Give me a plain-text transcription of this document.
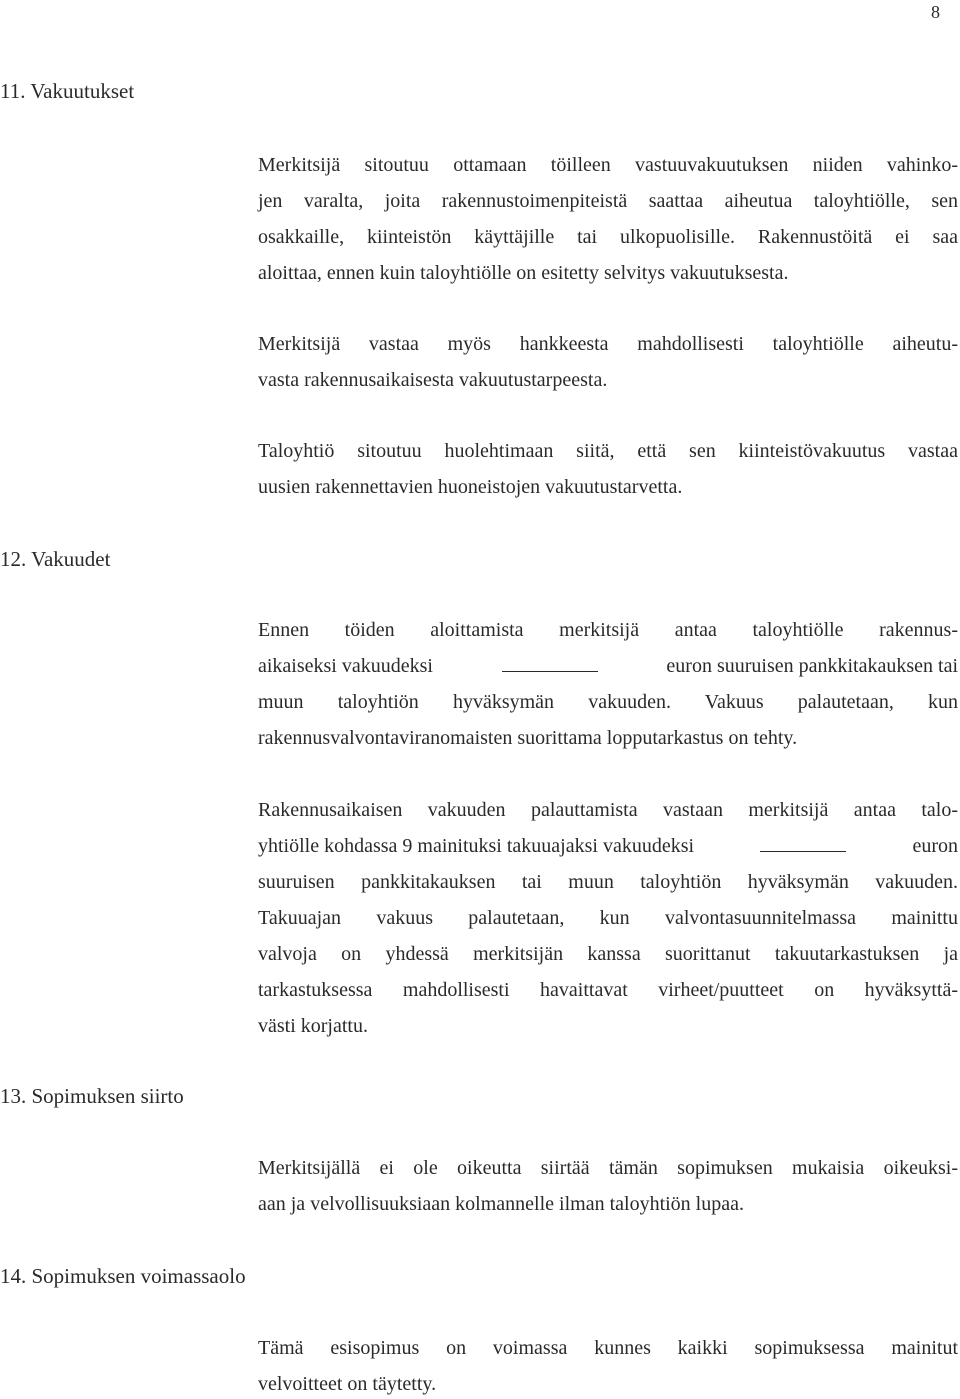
8
11. Vakuutukset
Merkitsijä sitoutuu ottamaan töilleen vastuuvakuutuksen niiden vahinko-
jen varalta, joita rakennustoimenpiteistä saattaa aiheutua taloyhtiölle, sen
osakkaille, kiinteistön käyttäjille tai ulkopuolisille. Rakennustöitä ei saa
aloittaa, ennen kuin taloyhtiölle on esitetty selvitys vakuutuksesta.
Merkitsijä vastaa myös hankkeesta mahdollisesti taloyhtiölle aiheutu-
vasta rakennusaikaisesta vakuutustarpeesta.
Taloyhtiö sitoutuu huolehtimaan siitä, että sen kiinteistövakuutus vastaa
uusien rakennettavien huoneistojen vakuutustarvetta.
12. Vakuudet
Ennen töiden aloittamista merkitsijä antaa taloyhtiölle rakennus-
aikaiseksi vakuudeksi	euron suuruisen pankkitakauksen tai
muun taloyhtiön hyväksymän vakuuden. Vakuus palautetaan, kun
rakennusvalvontaviranomaisten suorittama lopputarkastus on tehty.
Rakennusaikaisen vakuuden palauttamista vastaan merkitsijä antaa talo-
yhtiölle kohdassa 9 mainituksi takuuajaksi vakuudeksi	euron
suuruisen pankkitakauksen tai muun taloyhtiön hyväksymän vakuuden.
Takuuajan vakuus palautetaan, kun valvontasuunnitelmassa mainittu
valvoja on yhdessä merkitsijän kanssa suorittanut takuutarkastuksen ja
tarkastuksessa mahdollisesti havaittavat virheet/puutteet on hyväksyttä-
västi korjattu.
13. Sopimuksen siirto
Merkitsijällä ei ole oikeutta siirtää tämän sopimuksen mukaisia oikeuksi-
aan ja velvollisuuksiaan kolmannelle ilman taloyhtiön lupaa.
14. Sopimuksen voimassaolo
Tämä esisopimus on voimassa kunnes kaikki sopimuksessa mainitut
velvoitteet on täytetty.
